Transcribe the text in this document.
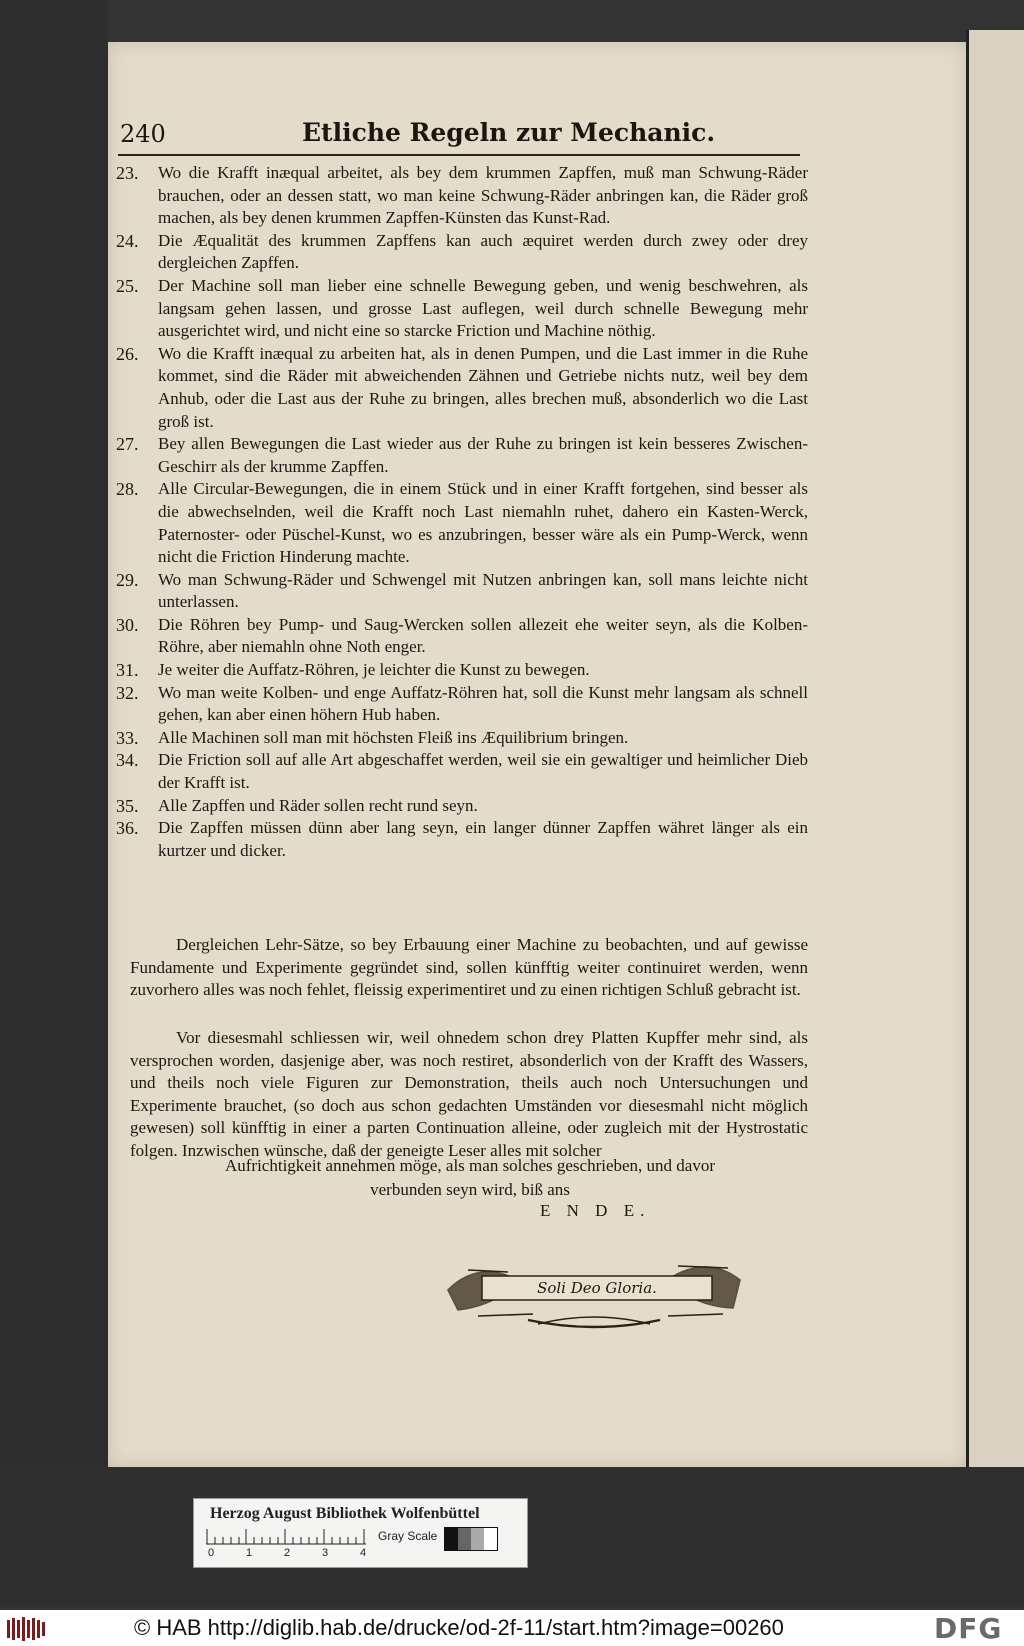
240	Etliche Regeln zur Mechanic.
23.	Wo die Krafft inæqual arbeitet, als bey dem krummen Zapffen, muß man Schwung-Räder brauchen, oder an dessen statt, wo man keine Schwung-Räder anbringen kan, die Räder groß machen, als bey denen krummen Zapffen-Künsten das Kunst-Rad.
24.	Die Æqualität des krummen Zapffens kan auch æquiret werden durch zwey oder drey dergleichen Zapffen.
25.	Der Machine soll man lieber eine schnelle Bewegung geben, und wenig beschwehren, als langsam gehen lassen, und grosse Last auflegen, weil durch schnelle Bewegung mehr ausgerichtet wird, und nicht eine so starcke Friction und Machine nöthig.
26.	Wo die Krafft inæqual zu arbeiten hat, als in denen Pumpen, und die Last immer in die Ruhe kommet, sind die Räder mit abweichenden Zähnen und Getriebe nichts nutz, weil bey dem Anhub, oder die Last aus der Ruhe zu bringen, alles brechen muß, absonderlich wo die Last groß ist.
27.	Bey allen Bewegungen die Last wieder aus der Ruhe zu bringen ist kein besseres Zwischen-Geschirr als der krumme Zapffen.
28.	Alle Circular-Bewegungen, die in einem Stück und in einer Krafft fortgehen, sind besser als die abwechselnden, weil die Krafft noch Last niemahln ruhet, dahero ein Kasten-Werck, Paternoster- oder Püschel-Kunst, wo es anzubringen, besser wäre als ein Pump-Werck, wenn nicht die Friction Hinderung machte.
29.	Wo man Schwung-Räder und Schwengel mit Nutzen anbringen kan, soll mans leichte nicht unterlassen.
30.	Die Röhren bey Pump- und Saug-Wercken sollen allezeit ehe weiter seyn, als die Kolben-Röhre, aber niemahln ohne Noth enger.
31.	Je weiter die Auffatz-Röhren, je leichter die Kunst zu bewegen.
32.	Wo man weite Kolben- und enge Auffatz-Röhren hat, soll die Kunst mehr langsam als schnell gehen, kan aber einen höhern Hub haben.
33.	Alle Machinen soll man mit höchsten Fleiß ins Æquilibrium bringen.
34.	Die Friction soll auf alle Art abgeschaffet werden, weil sie ein gewaltiger und heimlicher Dieb der Krafft ist.
35.	Alle Zapffen und Räder sollen recht rund seyn.
36.	Die Zapffen müssen dünn aber lang seyn, ein langer dünner Zapffen währet länger als ein kurtzer und dicker.
Dergleichen Lehr-Sätze, so bey Erbauung einer Machine zu beobachten, und auf gewisse Fundamente und Experimente gegründet sind, sollen künfftig weiter continuiret werden, wenn zuvorhero alles was noch fehlet, fleissig experimentiret und zu einen richtigen Schluß gebracht ist.
Vor diesesmahl schliessen wir, weil ohnedem schon drey Platten Kupffer mehr sind, als versprochen worden, dasjenige aber, was noch restiret, absonderlich von der Krafft des Wassers, und theils noch viele Figuren zur Demonstration, theils auch noch Untersuchungen und Experimente brauchet, (so doch aus schon gedachten Umständen vor diesesmahl nicht möglich gewesen) soll künfftig in einer a parten Continuation alleine, oder zugleich mit der Hystrostatic folgen. Inzwischen wünsche, daß der geneigte Leser alles mit solcher
Aufrichtigkeit annehmen möge, als man solches geschrieben, und davor
verbunden seyn wird, biß ans
E N D E.
Soli Deo Gloria.
Herzog August Bibliothek Wolfenbüttel
0	1	2	3	4
Gray Scale
© HAB http://diglib.hab.de/drucke/od-2f-11/start.htm?image=00260	DFG
